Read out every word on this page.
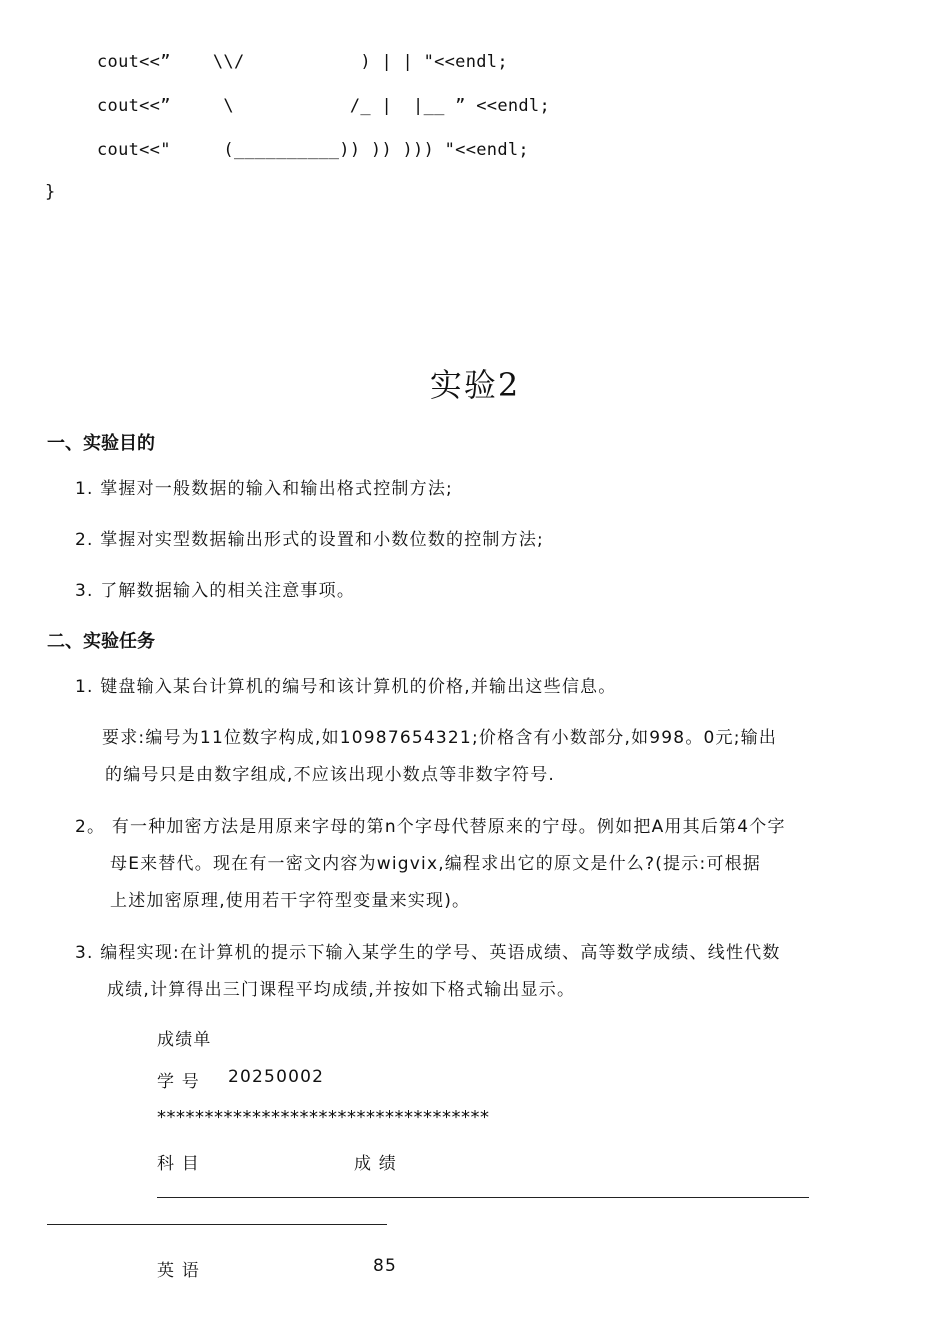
cout<<”    \\/           ) | | "<<endl;
cout<<”     \           /_ |  |__ ” <<endl;
cout<<"     (__________)) )) ))) "<<endl;
}
实验2
一、实验目的
1. 掌握对一般数据的输入和输出格式控制方法;
2. 掌握对实型数据输出形式的设置和小数位数的控制方法;
3. 了解数据输入的相关注意事项。
二、实验任务
1. 键盘输入某台计算机的编号和该计算机的价格,并输出这些信息。
要求:编号为11位数字构成,如10987654321;价格含有小数部分,如998。0元;输出
的编号只是由数字组成,不应该出现小数点等非数字符号.
2。 有一种加密方法是用原来字母的第n个字母代替原来的宁母。例如把A用其后第4个字
母E来替代。现在有一密文内容为wigvix,编程求出它的原文是什么?(提示:可根据
上述加密原理,使用若干字符型变量来实现)。
3. 编程实现:在计算机的提示下输入某学生的学号、英语成绩、高等数学成绩、线性代数
成绩,计算得出三门课程平均成绩,并按如下格式输出显示。
成绩单
学 号 20250002
***********************************
科 目	成 绩
英 语	85
